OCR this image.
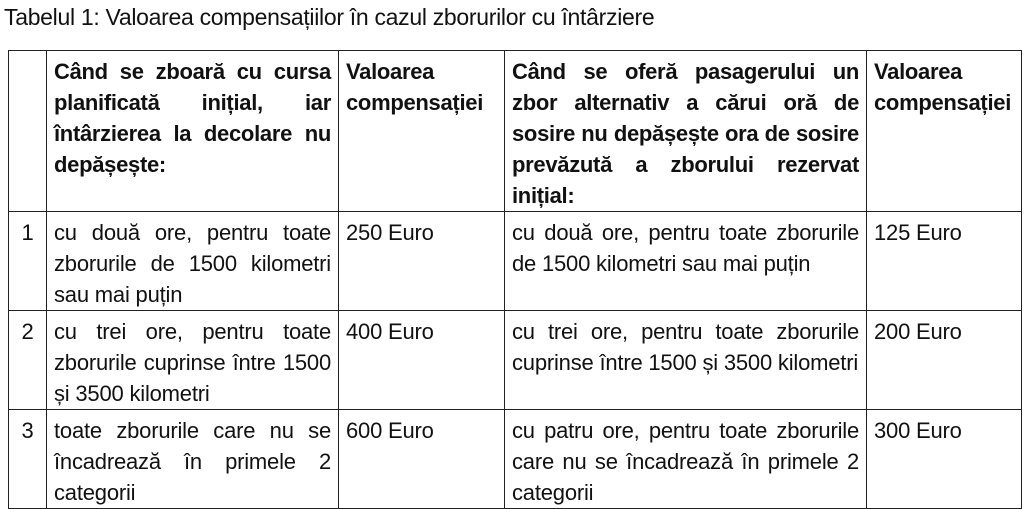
Tabelul 1: Valoarea compensațiilor în cazul zborurilor cu întârziere
	Când se zboară cu cursa planificată inițial, iar întârzierea la decolare nu depășește:	Valoarea compensației	Când se oferă pasagerului un zbor alternativ a cărui oră de sosire nu depășește ora de sosire prevăzută a zborului rezervat inițial:	Valoarea compensației
1	cu două ore, pentru toate zborurile de 1500 kilometri sau mai puțin	250 Euro	cu două ore, pentru toate zborurile de 1500 kilometri sau mai puțin	125 Euro
2	cu trei ore, pentru toate zborurile cuprinse între 1500 și 3500 kilometri	400 Euro	cu trei ore, pentru toate zborurile cuprinse între 1500 și 3500 kilometri	200 Euro
3	toate zborurile care nu se încadrează în primele 2 categorii	600 Euro	cu patru ore, pentru toate zborurile care nu se încadrează în primele 2 categorii	300 Euro
